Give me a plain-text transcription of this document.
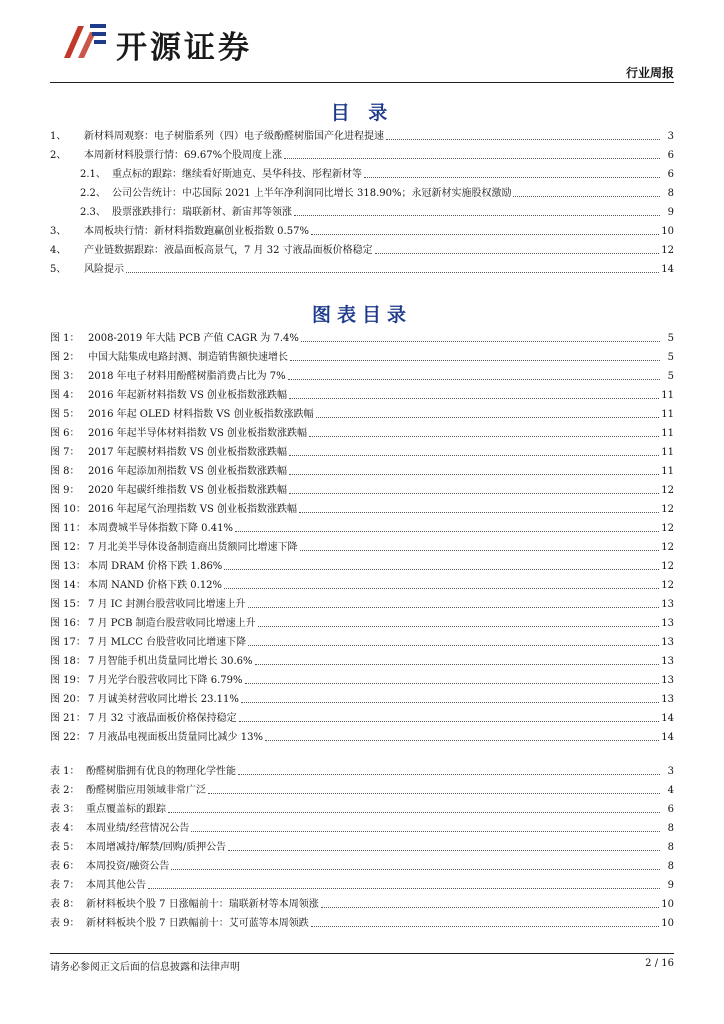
开源证券
行业周报
目 录
1、	新材料周观察：电子树脂系列（四）电子级酚醛树脂国产化进程提速	3
2、	本周新材料股票行情：69.67%个股周度上涨	6
2.1、 重点标的跟踪：继续看好斯迪克、昊华科技、彤程新材等	6
2.2、 公司公告统计：中芯国际 2021 上半年净利润同比增长 318.90%；永冠新材实施股权激励	8
2.3、 股票涨跌排行：瑞联新材、新宙邦等领涨	9
3、	本周板块行情：新材料指数跑赢创业板指数 0.57%	10
4、	产业链数据跟踪：液晶面板高景气，7 月 32 寸液晶面板价格稳定	12
5、	风险提示	14
图表目录
图 1： 2008-2019 年大陆 PCB 产值 CAGR 为 7.4%	5
图 2： 中国大陆集成电路封测、制造销售额快速增长	5
图 3： 2018 年电子材料用酚醛树脂消费占比为 7%	5
图 4： 2016 年起新材料指数 VS 创业板指数涨跌幅	11
图 5： 2016 年起 OLED 材料指数 VS 创业板指数涨跌幅	11
图 6： 2016 年起半导体材料指数 VS 创业板指数涨跌幅	11
图 7： 2017 年起膜材料指数 VS 创业板指数涨跌幅	11
图 8： 2016 年起添加剂指数 VS 创业板指数涨跌幅	11
图 9： 2020 年起碳纤维指数 VS 创业板指数涨跌幅	12
图 10： 2016 年起尾气治理指数 VS 创业板指数涨跌幅	12
图 11： 本周费城半导体指数下降 0.41%	12
图 12： 7 月北美半导体设备制造商出货额同比增速下降	12
图 13： 本周 DRAM 价格下跌 1.86%	12
图 14： 本周 NAND 价格下跌 0.12%	12
图 15： 7 月 IC 封测台股营收同比增速上升	13
图 16： 7 月 PCB 制造台股营收同比增速上升	13
图 17： 7 月 MLCC 台股营收同比增速下降	13
图 18： 7 月智能手机出货量同比增长 30.6%	13
图 19： 7 月光学台股营收同比下降 6.79%	13
图 20： 7 月诚美材营收同比增长 23.11%	13
图 21： 7 月 32 寸液晶面板价格保持稳定	14
图 22： 7 月液晶电视面板出货量同比减少 13%	14
表 1： 酚醛树脂拥有优良的物理化学性能	3
表 2： 酚醛树脂应用领域非常广泛	4
表 3： 重点覆盖标的跟踪	6
表 4： 本周业绩/经营情况公告	8
表 5： 本周增减持/解禁/回购/质押公告	8
表 6： 本周投资/融资公告	8
表 7： 本周其他公告	9
表 8： 新材料板块个股 7 日涨幅前十：瑞联新材等本周领涨	10
表 9： 新材料板块个股 7 日跌幅前十：艾可蓝等本周领跌	10
请务必参阅正文后面的信息披露和法律声明	2 / 16
